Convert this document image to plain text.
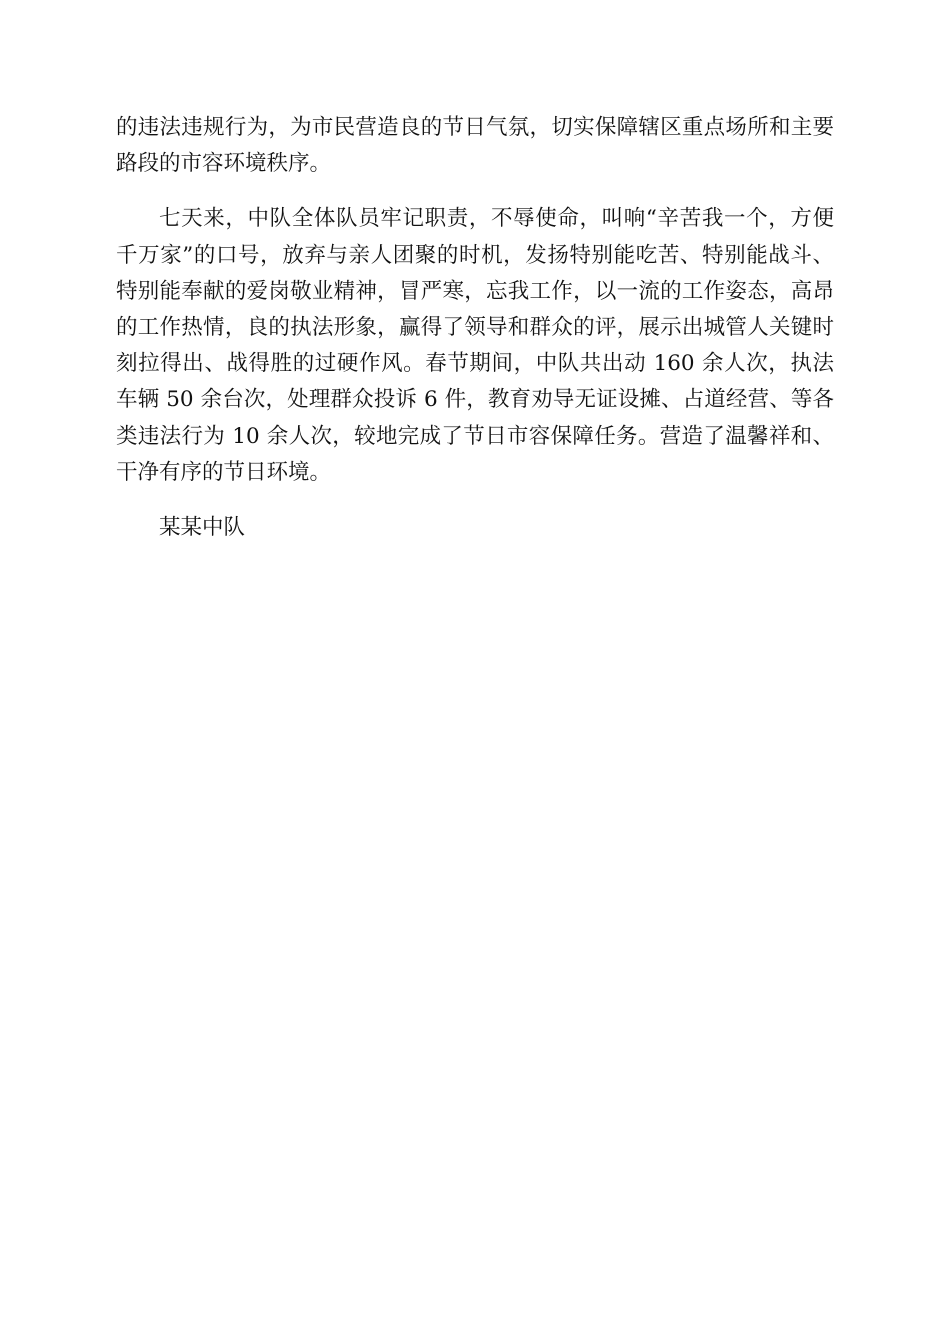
的违法违规行为，为市民营造良的节日气氛，切实保障辖区重点场所和主要路段的市容环境秩序。

七天来，中队全体队员牢记职责，不辱使命，叫响“辛苦我一个，方便千万家”的口号，放弃与亲人团聚的时机，发扬特别能吃苦、特别能战斗、特别能奉献的爱岗敬业精神，冒严寒，忘我工作，以一流的工作姿态，高昂的工作热情，良的执法形象，赢得了领导和群众的评，展示出城管人关键时刻拉得出、战得胜的过硬作风。春节期间，中队共出动 160 余人次，执法车辆 50 余台次，处理群众投诉 6 件，教育劝导无证设摊、占道经营、等各类违法行为 10 余人次，较地完成了节日市容保障任务。营造了温馨祥和、干净有序的节日环境。

某某中队
